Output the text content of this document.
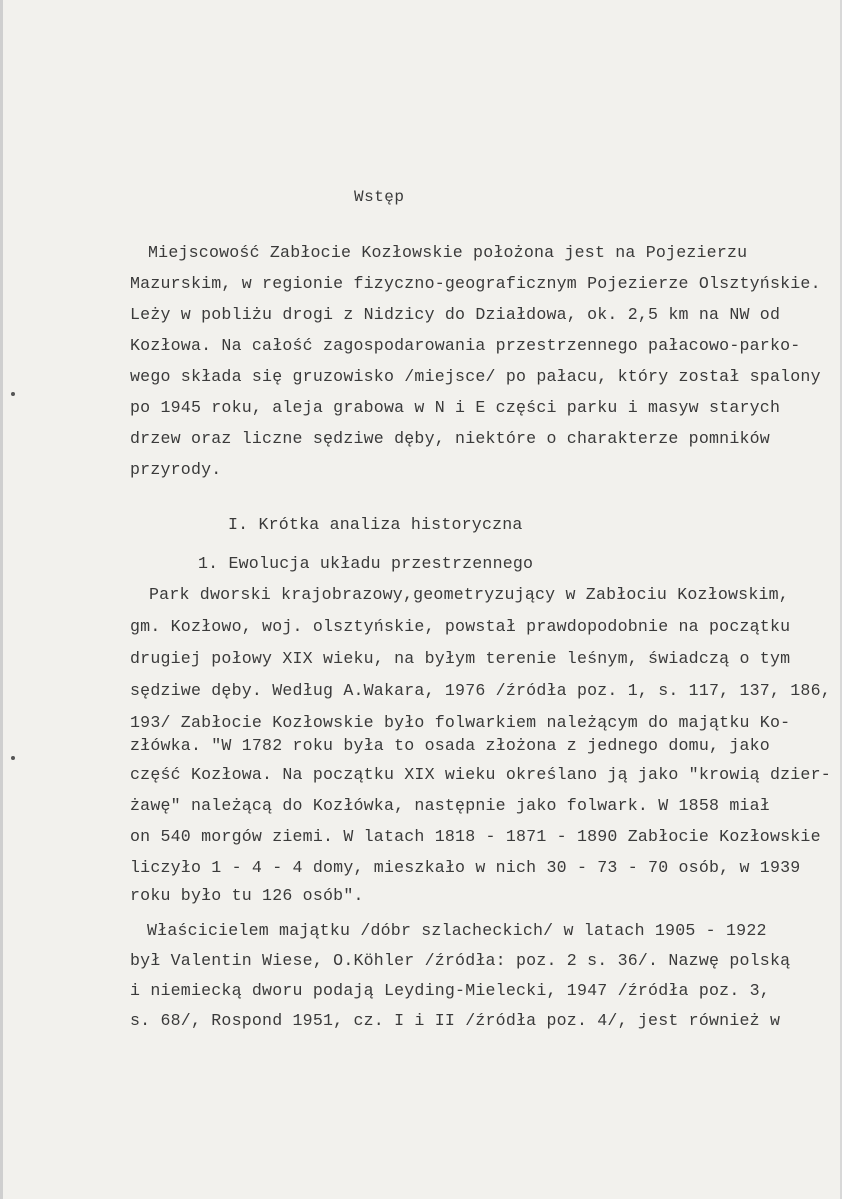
Wstęp
Miejscowość Zabłocie Kozłowskie położona jest na Pojezierzu
Mazurskim, w regionie fizyczno-geograficznym Pojezierze Olsztyńskie.
Leży w pobliżu drogi z Nidzicy do Działdowa, ok. 2,5 km na NW od
Kozłowa. Na całość zagospodarowania przestrzennego pałacowo-parko-
wego składa się gruzowisko /miejsce/ po pałacu, który został spalony
po 1945 roku, aleja grabowa w N i E części parku i masyw starych
drzew oraz liczne sędziwe dęby, niektóre o charakterze pomników
przyrody.
I. Krótka analiza historyczna
1. Ewolucja układu przestrzennego
Park dworski krajobrazowy,geometryzujący w Zabłociu Kozłowskim,
gm. Kozłowo, woj. olsztyńskie, powstał prawdopodobnie na początku
drugiej połowy XIX wieku, na byłym terenie leśnym, świadczą o tym
sędziwe dęby. Według A.Wakara, 1976 /źródła poz. 1, s. 117, 137, 186,
193/ Zabłocie Kozłowskie było folwarkiem należącym do majątku Ko-
złówka. "W 1782 roku była to osada złożona z jednego domu, jako
część Kozłowa. Na początku XIX wieku określano ją jako "krowią dzier-
żawę" należącą do Kozłówka, następnie jako folwark. W 1858 miał
on 540 morgów ziemi. W latach 1818 - 1871 - 1890 Zabłocie Kozłowskie
liczyło 1 - 4 - 4 domy, mieszkało w nich 30 - 73 - 70 osób, w 1939
roku było tu 126 osób".
Właścicielem majątku /dóbr szlacheckich/ w latach 1905 - 1922
był Valentin Wiese, O.Köhler /źródła: poz. 2 s. 36/. Nazwę polską
i niemiecką dworu podają Leyding-Mielecki, 1947 /źródła poz. 3,
s. 68/, Rospond 1951, cz. I i II /źródła poz. 4/, jest również w
